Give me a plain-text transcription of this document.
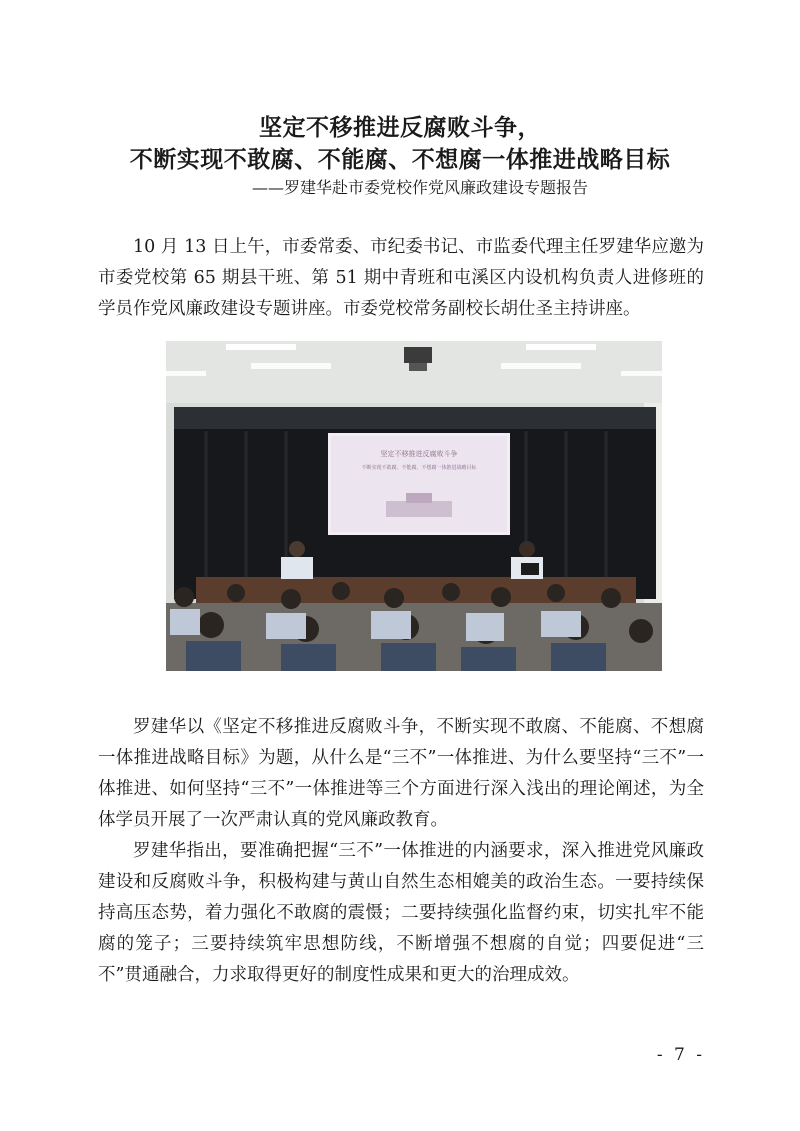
坚定不移推进反腐败斗争，
不断实现不敢腐、不能腐、不想腐一体推进战略目标
——罗建华赴市委党校作党风廉政建设专题报告

10 月 13 日上午，市委常委、市纪委书记、市监委代理主任罗建华应邀为市委党校第 65 期县干班、第 51 期中青班和屯溪区内设机构负责人进修班的学员作党风廉政建设专题讲座。市委党校常务副校长胡仕圣主持讲座。

坚定不移推进反腐败斗争
不断实现不敢腐、不能腐、不想腐一体推进战略目标

罗建华以《坚定不移推进反腐败斗争，不断实现不敢腐、不能腐、不想腐一体推进战略目标》为题，从什么是“三不”一体推进、为什么要坚持“三不”一体推进、如何坚持“三不”一体推进等三个方面进行深入浅出的理论阐述，为全体学员开展了一次严肃认真的党风廉政教育。

罗建华指出，要准确把握“三不”一体推进的内涵要求，深入推进党风廉政建设和反腐败斗争，积极构建与黄山自然生态相媲美的政治生态。一要持续保持高压态势，着力强化不敢腐的震慑；二要持续强化监督约束，切实扎牢不能腐的笼子；三要持续筑牢思想防线，不断增强不想腐的自觉；四要促进“三不”贯通融合，力求取得更好的制度性成果和更大的治理成效。

- 7 -
